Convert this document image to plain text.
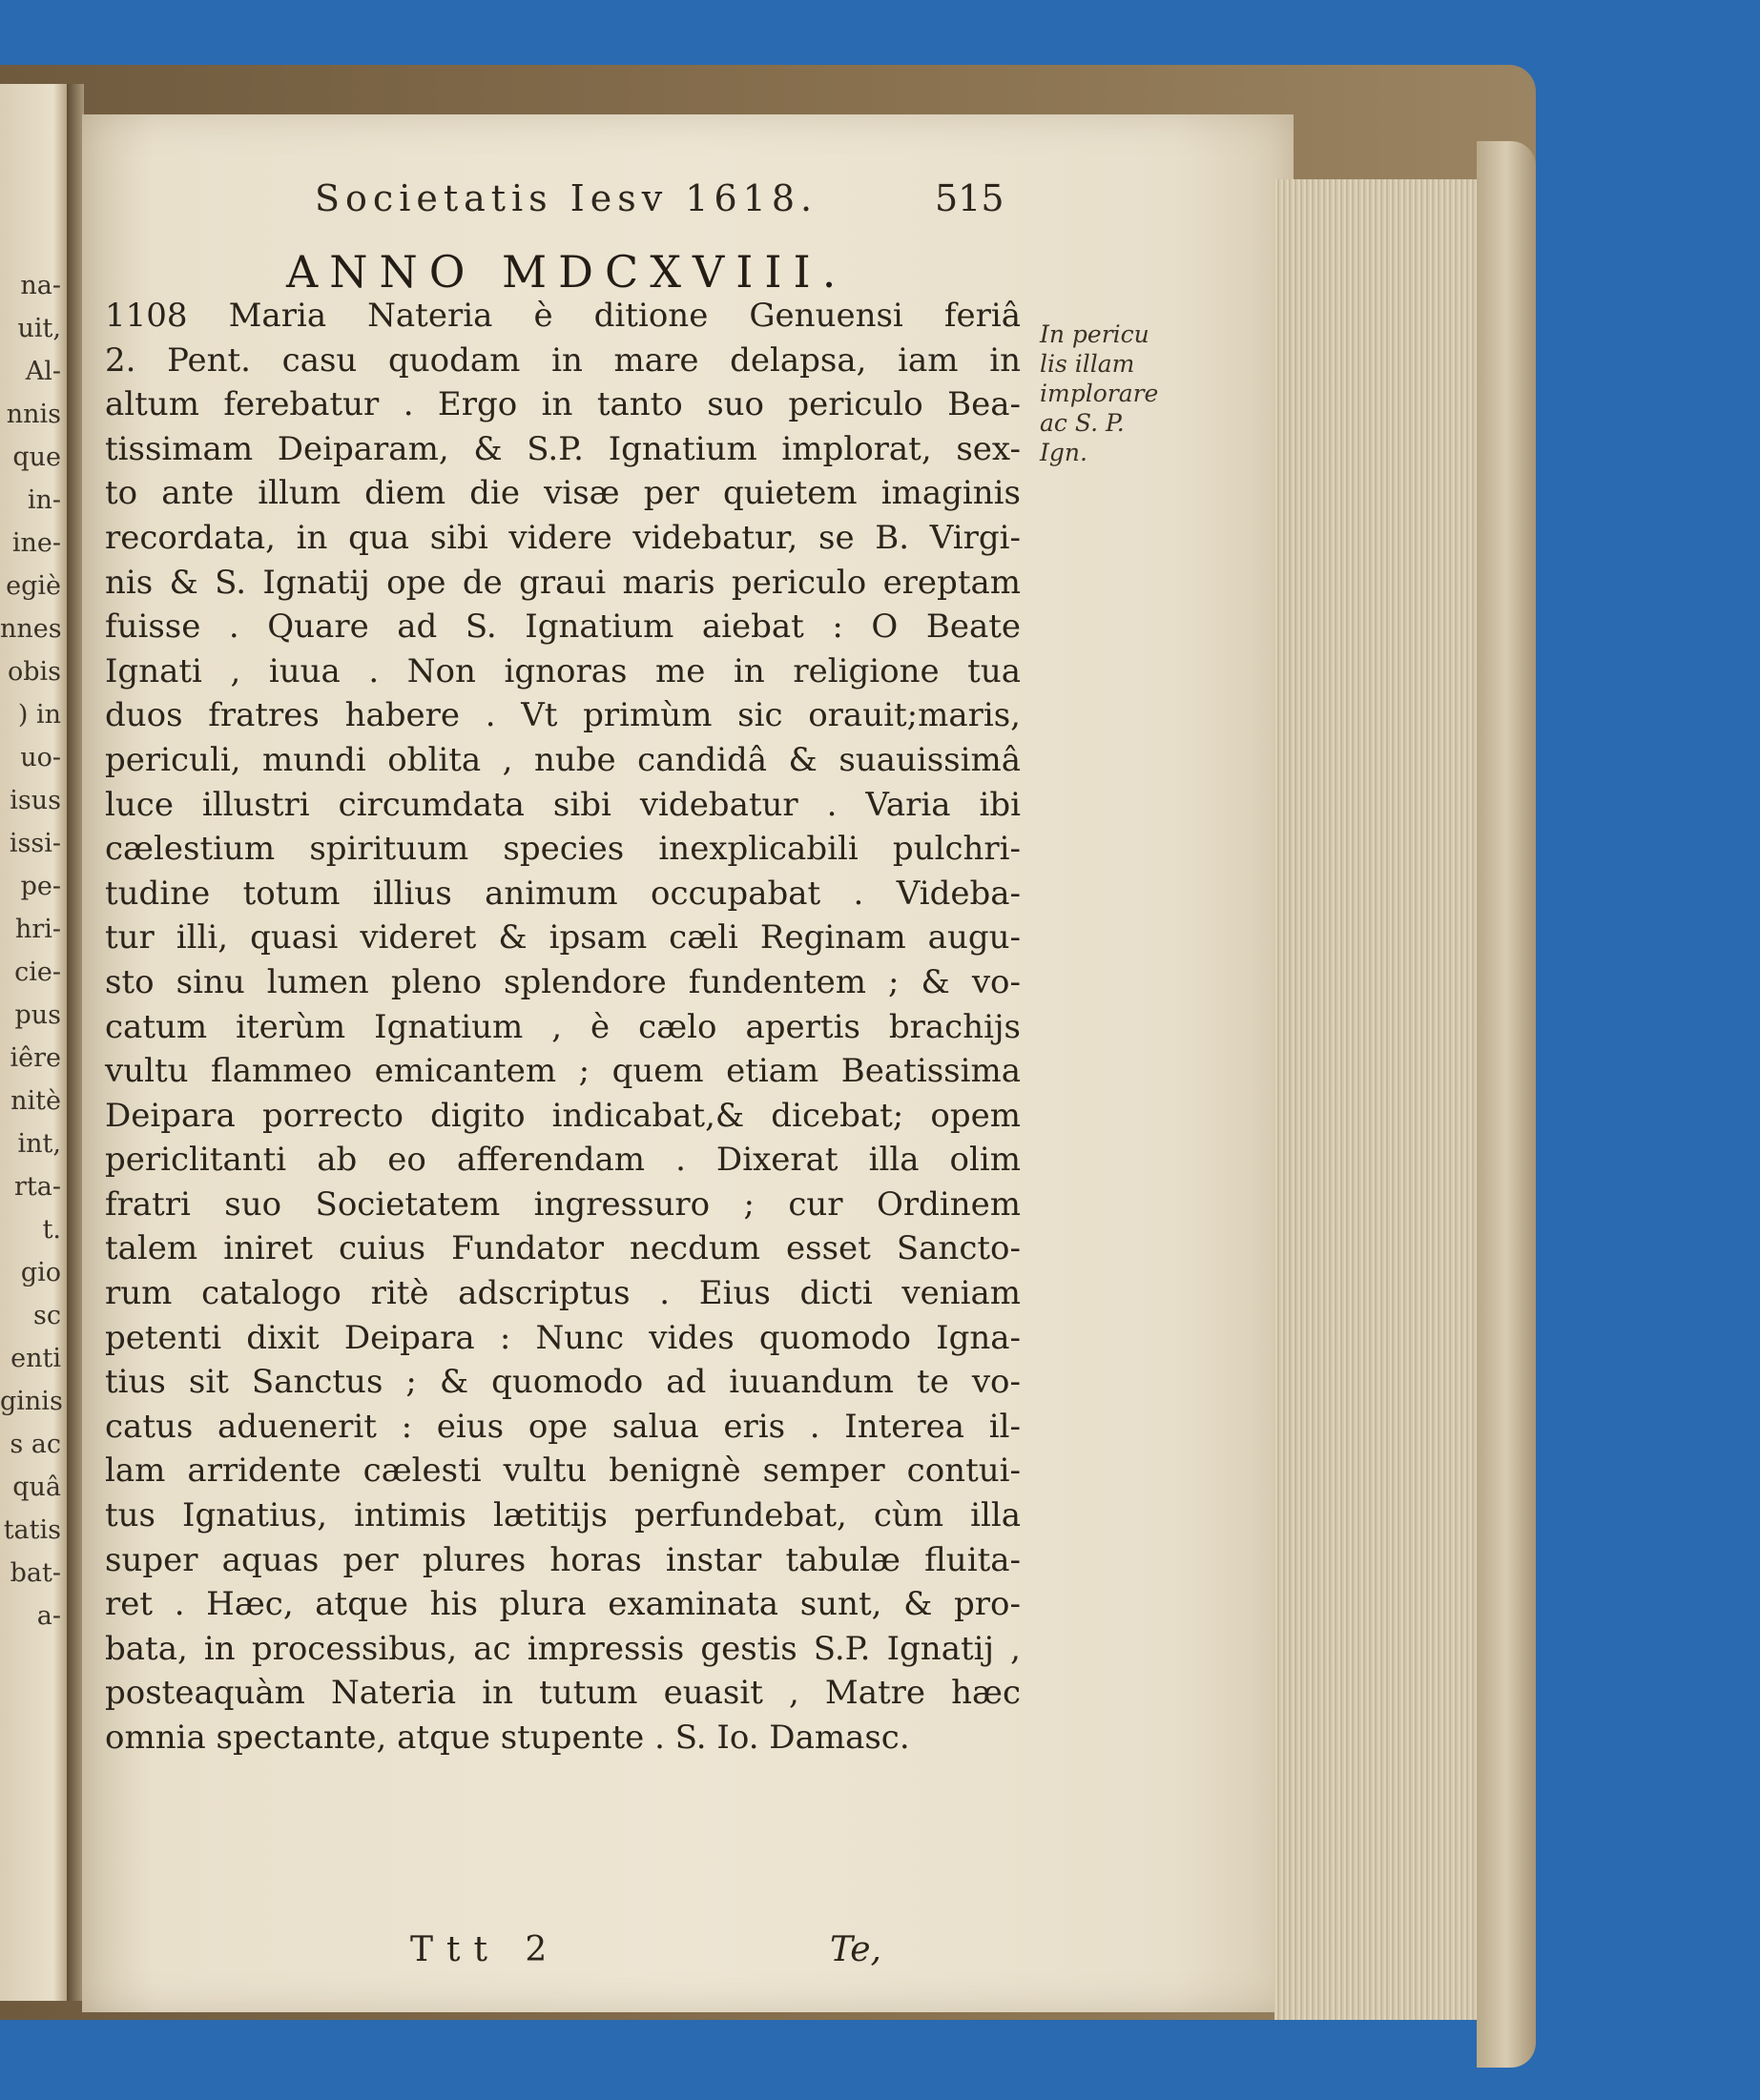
na-
uit,
Al-
nnis
que
in-
ine-
egiè
nnes
obis
) in
uo-
isus
issi-
pe-
hri-
cie-
pus
iêre
nitè
int,
rta-
t.
gio
sc
enti
ginis
s ac
quâ
tatis
bat-
a-
Societatis Iesv 1618.	515
ANNO MDCXVIII.
1108 Maria Nateria è ditione Genuensi feriâ
2. Pent. casu quodam in mare delapsa, iam in
altum ferebatur . Ergo in tanto suo periculo Bea-
tissimam Deiparam, & S.P. Ignatium implorat, sex-
to ante illum diem die visæ per quietem imaginis
recordata, in qua sibi videre videbatur, se B. Virgi-
nis & S. Ignatij ope de graui maris periculo ereptam
fuisse . Quare ad S. Ignatium aiebat : O Beate
Ignati , iuua . Non ignoras me in religione tua
duos fratres habere . Vt primùm sic orauit;maris,
periculi, mundi oblita , nube candidâ & suauissimâ
luce illustri circumdata sibi videbatur . Varia ibi
cælestium spirituum species inexplicabili pulchri-
tudine totum illius animum occupabat . Videba-
tur illi, quasi videret & ipsam cæli Reginam augu-
sto sinu lumen pleno splendore fundentem ; & vo-
catum iterùm Ignatium , è cælo apertis brachijs
vultu flammeo emicantem ; quem etiam Beatissima
Deipara porrecto digito indicabat,& dicebat; opem
periclitanti ab eo afferendam . Dixerat illa olim
fratri suo Societatem ingressuro ; cur Ordinem
talem iniret cuius Fundator necdum esset Sancto-
rum catalogo ritè adscriptus . Eius dicti veniam
petenti dixit Deipara : Nunc vides quomodo Igna-
tius sit Sanctus ; & quomodo ad iuuandum te vo-
catus aduenerit : eius ope salua eris . Interea il-
lam arridente cælesti vultu benignè semper contui-
tus Ignatius, intimis lætitijs perfundebat, cùm illa
super aquas per plures horas instar tabulæ fluita-
ret . Hæc, atque his plura examinata sunt, & pro-
bata, in processibus, ac impressis gestis S.P. Ignatij ,
posteaquàm Nateria in tutum euasit , Matre hæc
omnia spectante, atque stupente . S. Io. Damasc.
In pericu
lis illam
implorare
ac S. P.
Ign.
Ttt 2	Te,
